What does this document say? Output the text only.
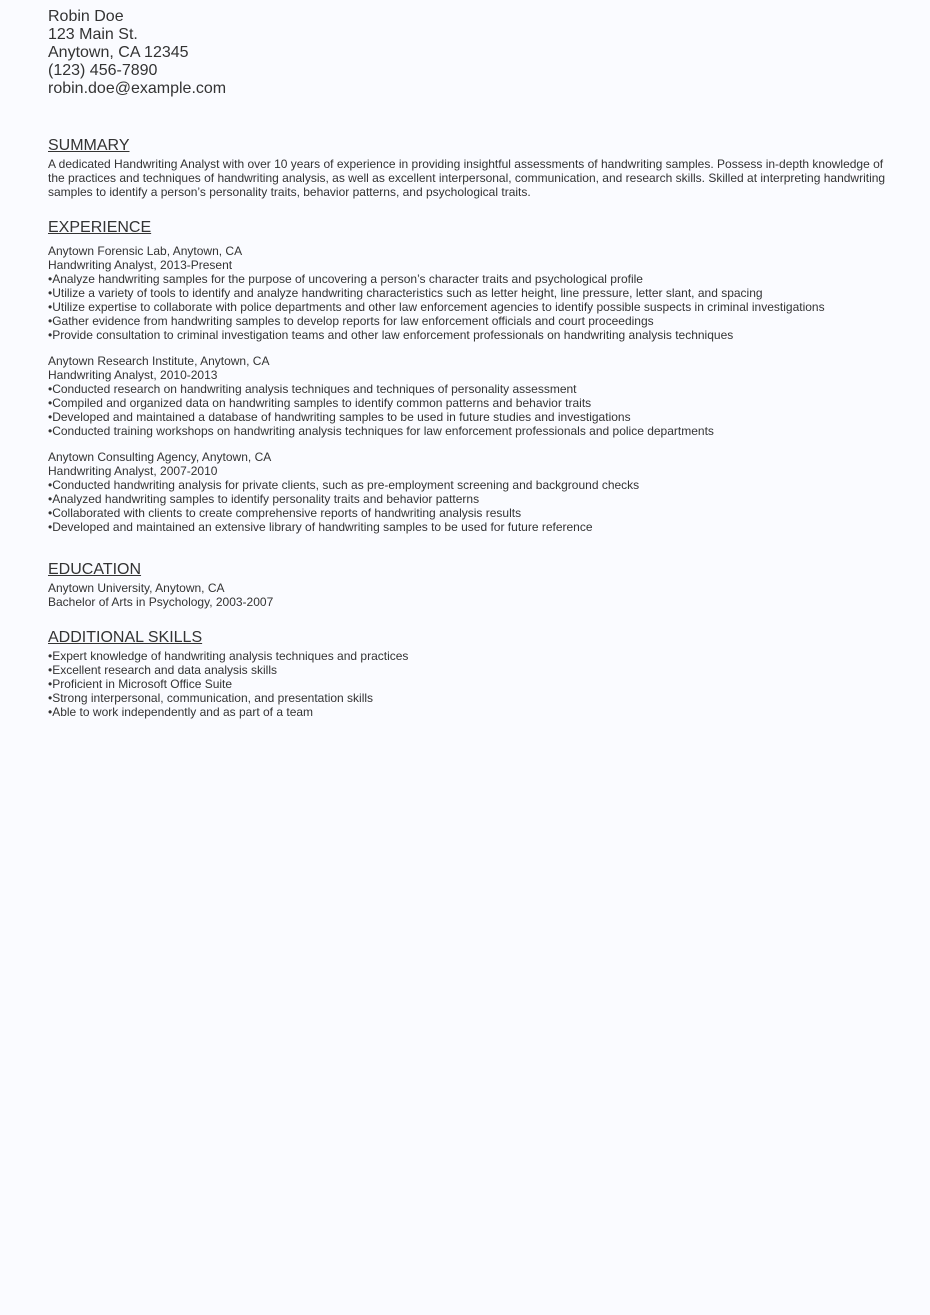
Robin Doe

123 Main St.

Anytown, CA 12345

(123) 456-7890

robin.doe@example.com

SUMMARY

A dedicated Handwriting Analyst with over 10 years of experience in providing insightful assessments of handwriting samples. Possess in-depth knowledge of the practices and techniques of handwriting analysis, as well as excellent interpersonal, communication, and research skills. Skilled at interpreting handwriting samples to identify a person’s personality traits, behavior patterns, and psychological traits.

EXPERIENCE

Anytown Forensic Lab, Anytown, CA

Handwriting Analyst, 2013-Present

• Analyze handwriting samples for the purpose of uncovering a person’s character traits and psychological profile

• Utilize a variety of tools to identify and analyze handwriting characteristics such as letter height, line pressure, letter slant, and spacing

• Utilize expertise to collaborate with police departments and other law enforcement agencies to identify possible suspects in criminal investigations

• Gather evidence from handwriting samples to develop reports for law enforcement officials and court proceedings

• Provide consultation to criminal investigation teams and other law enforcement professionals on handwriting analysis techniques

Anytown Research Institute, Anytown, CA

Handwriting Analyst, 2010-2013

• Conducted research on handwriting analysis techniques and techniques of personality assessment

• Compiled and organized data on handwriting samples to identify common patterns and behavior traits

• Developed and maintained a database of handwriting samples to be used in future studies and investigations

• Conducted training workshops on handwriting analysis techniques for law enforcement professionals and police departments

Anytown Consulting Agency, Anytown, CA

Handwriting Analyst, 2007-2010

• Conducted handwriting analysis for private clients, such as pre-employment screening and background checks

• Analyzed handwriting samples to identify personality traits and behavior patterns

• Collaborated with clients to create comprehensive reports of handwriting analysis results

• Developed and maintained an extensive library of handwriting samples to be used for future reference

EDUCATION

Anytown University, Anytown, CA

Bachelor of Arts in Psychology, 2003-2007

ADDITIONAL SKILLS

• Expert knowledge of handwriting analysis techniques and practices

• Excellent research and data analysis skills

• Proficient in Microsoft Office Suite

• Strong interpersonal, communication, and presentation skills

• Able to work independently and as part of a team
